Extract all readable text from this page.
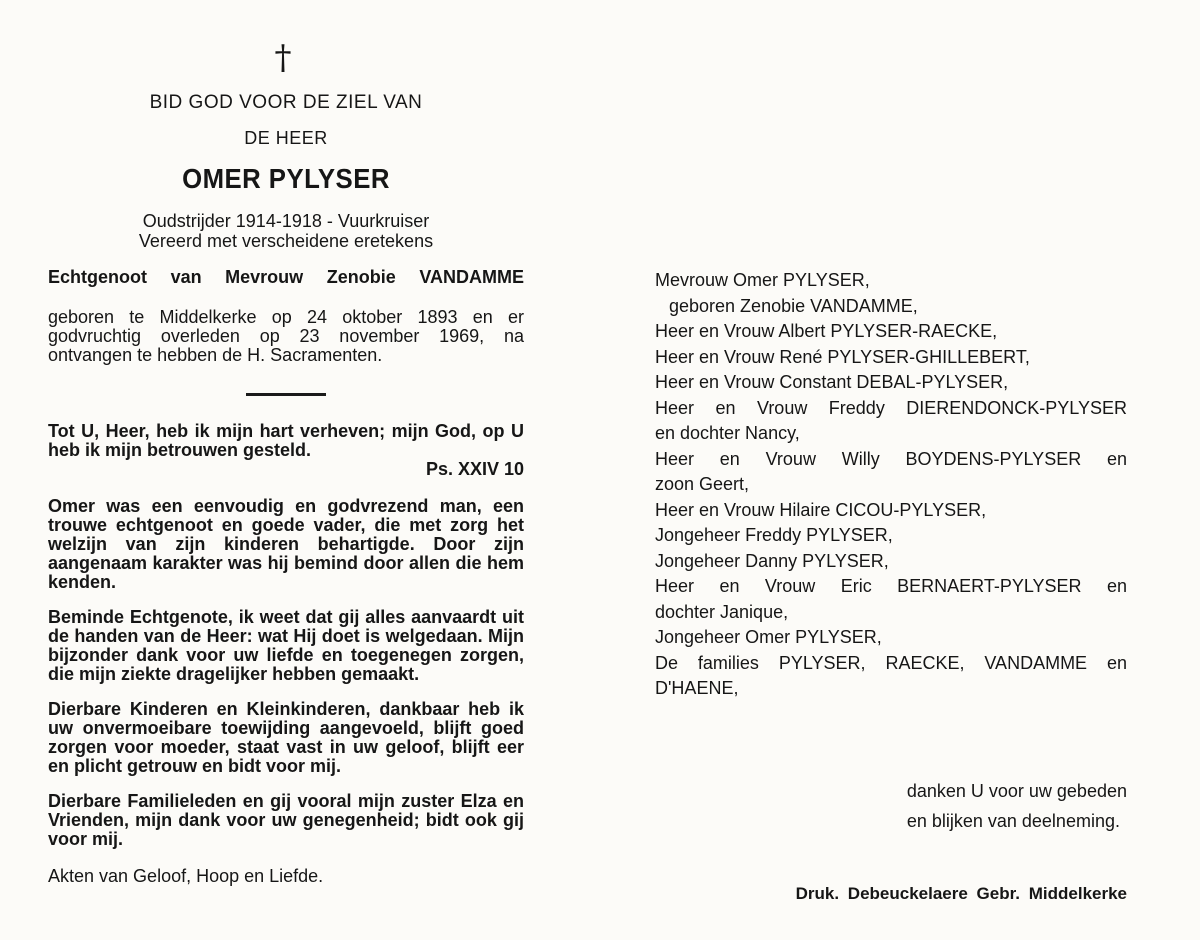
†
BID GOD VOOR DE ZIEL VAN
DE HEER
OMER PYLYSER
Oudstrijder 1914-1918 - Vuurkruiser
Vereerd met verscheidene eretekens
Echtgenoot van Mevrouw Zenobie VANDAMME
geboren te Middelkerke op 24 oktober 1893 en er godvruchtig overleden op 23 november 1969, na ontvangen te hebben de H. Sacramenten.
Tot U, Heer, heb ik mijn hart verheven; mijn God, op U heb ik mijn betrouwen gesteld.
Ps. XXIV 10
Omer was een eenvoudig en godvrezend man, een trouwe echtgenoot en goede vader, die met zorg het welzijn van zijn kinderen behartigde. Door zijn aangenaam karakter was hij bemind door allen die hem kenden.
Beminde Echtgenote, ik weet dat gij alles aanvaardt uit de handen van de Heer: wat Hij doet is welgedaan. Mijn bijzonder dank voor uw liefde en toegenegen zorgen, die mijn ziekte dragelijker hebben gemaakt.
Dierbare Kinderen en Kleinkinderen, dankbaar heb ik uw onvermoeibare toewijding aangevoeld, blijft goed zorgen voor moeder, staat vast in uw geloof, blijft eer en plicht getrouw en bidt voor mij.
Dierbare Familieleden en gij vooral mijn zuster Elza en Vrienden, mijn dank voor uw genegenheid; bidt ook gij voor mij.
Akten van Geloof, Hoop en Liefde.
Mevrouw Omer PYLYSER,
geboren Zenobie VANDAMME,
Heer en Vrouw Albert PYLYSER-RAECKE,
Heer en Vrouw René PYLYSER-GHILLEBERT,
Heer en Vrouw Constant DEBAL-PYLYSER,
Heer en Vrouw Freddy DIERENDONCK-PYLYSER
en dochter Nancy,
Heer en Vrouw Willy BOYDENS-PYLYSER en
zoon Geert,
Heer en Vrouw Hilaire CICOU-PYLYSER,
Jongeheer Freddy PYLYSER,
Jongeheer Danny PYLYSER,
Heer en Vrouw Eric BERNAERT-PYLYSER en
dochter Janique,
Jongeheer Omer PYLYSER,
De families PYLYSER, RAECKE, VANDAMME en
D'HAENE,
danken U voor uw gebeden
en blijken van deelneming.
Druk. Debeuckelaere Gebr. Middelkerke
